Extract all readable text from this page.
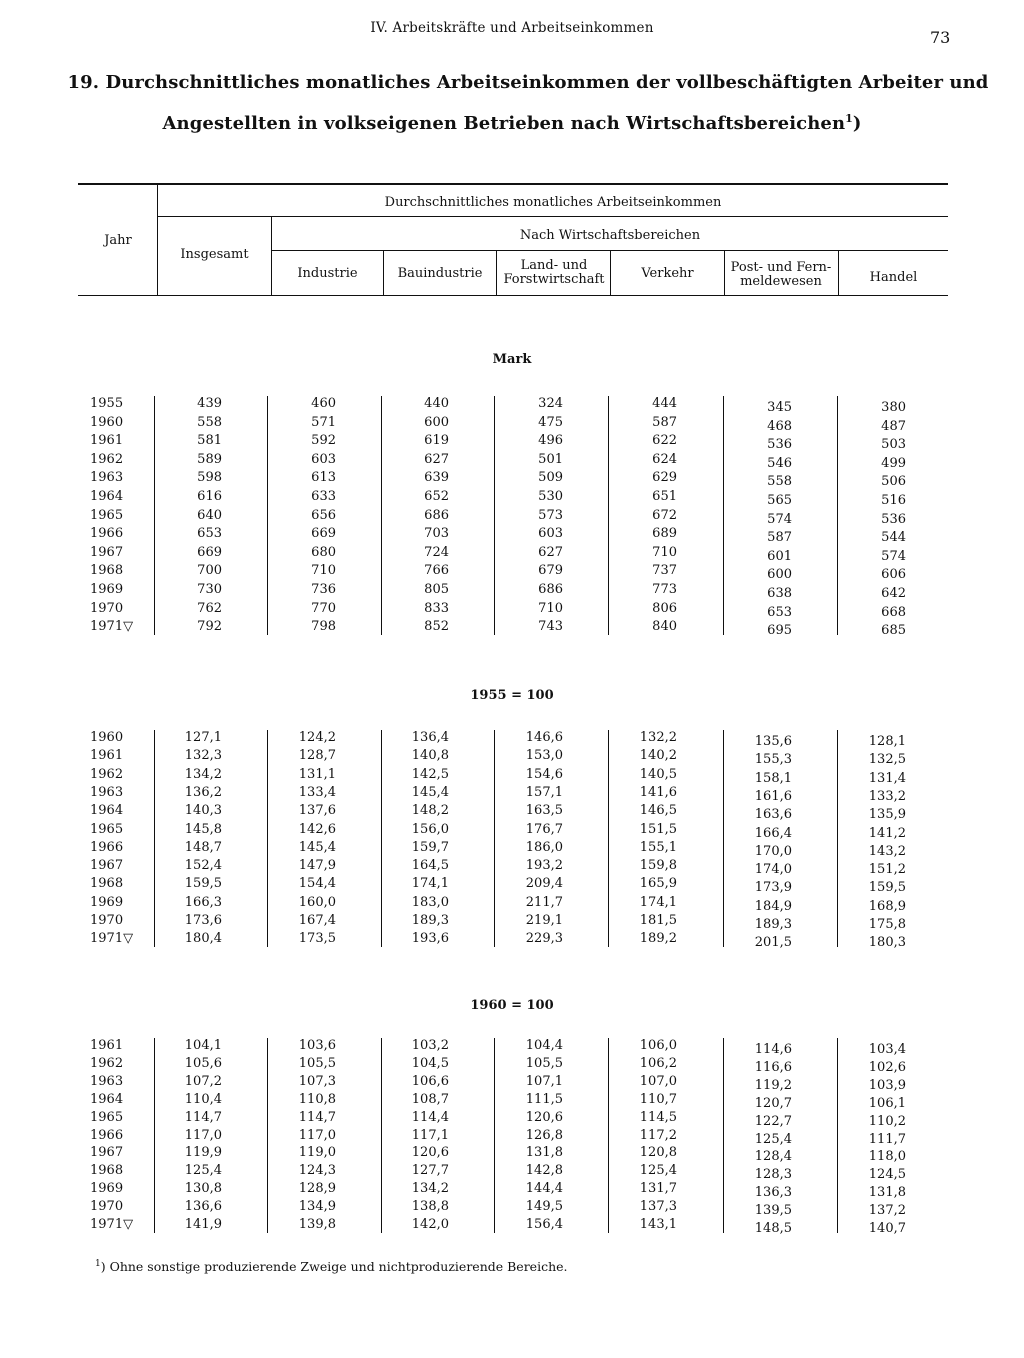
IV. Arbeitskräfte und Arbeitseinkommen	73
19. Durchschnittliches monatliches Arbeitseinkommen der vollbeschäftigten Arbeiter und
Angestellten in volkseigenen Betrieben nach Wirtschaftsbereichen$^1$)
Jahr
Durchschnittliches monatliches Arbeitseinkommen
Nach Wirtschaftsbereichen
Insgesamt
Industrie	Bauindustrie
Land- und Forstwirtschaft	Verkehr	Post- und Fern-meldewesen	Handel
Mark
1955	439	460	440	324	444	345	380
1960	558	571	600	475	587	468	487
1961	581	592	619	496	622	536	503
1962	589	603	627	501	624	546	499
1963	598	613	639	509	629	558	506
1964	616	633	652	530	651	565	516
1965	640	656	686	573	672	574	536
1966	653	669	703	603	689	587	544
1967	669	680	724	627	710	601	574
1968	700	710	766	679	737	600	606
1969	730	736	805	686	773	638	642
1970	762	770	833	710	806	653	668
1971▽	792	798	852	743	840	695	685
1955 = 100
1960	127,1	124,2	136,4	146,6	132,2	135,6	128,1
1961	132,3	128,7	140,8	153,0	140,2	155,3	132,5
1962	134,2	131,1	142,5	154,6	140,5	158,1	131,4
1963	136,2	133,4	145,4	157,1	141,6	161,6	133,2
1964	140,3	137,6	148,2	163,5	146,5	163,6	135,9
1965	145,8	142,6	156,0	176,7	151,5	166,4	141,2
1966	148,7	145,4	159,7	186,0	155,1	170,0	143,2
1967	152,4	147,9	164,5	193,2	159,8	174,0	151,2
1968	159,5	154,4	174,1	209,4	165,9	173,9	159,5
1969	166,3	160,0	183,0	211,7	174,1	184,9	168,9
1970	173,6	167,4	189,3	219,1	181,5	189,3	175,8
1971▽	180,4	173,5	193,6	229,3	189,2	201,5	180,3
1960 = 100
1961	104,1	103,6	103,2	104,4	106,0	114,6	103,4
1962	105,6	105,5	104,5	105,5	106,2	116,6	102,6
1963	107,2	107,3	106,6	107,1	107,0	119,2	103,9
1964	110,4	110,8	108,7	111,5	110,7	120,7	106,1
1965	114,7	114,7	114,4	120,6	114,5	122,7	110,2
1966	117,0	117,0	117,1	126,8	117,2	125,4	111,7
1967	119,9	119,0	120,6	131,8	120,8	128,4	118,0
1968	125,4	124,3	127,7	142,8	125,4	128,3	124,5
1969	130,8	128,9	134,2	144,4	131,7	136,3	131,8
1970	136,6	134,9	138,8	149,5	137,3	139,5	137,2
1971▽	141,9	139,8	142,0	156,4	143,1	148,5	140,7
$^1$) Ohne sonstige produzierende Zweige und nichtproduzierende Bereiche.
